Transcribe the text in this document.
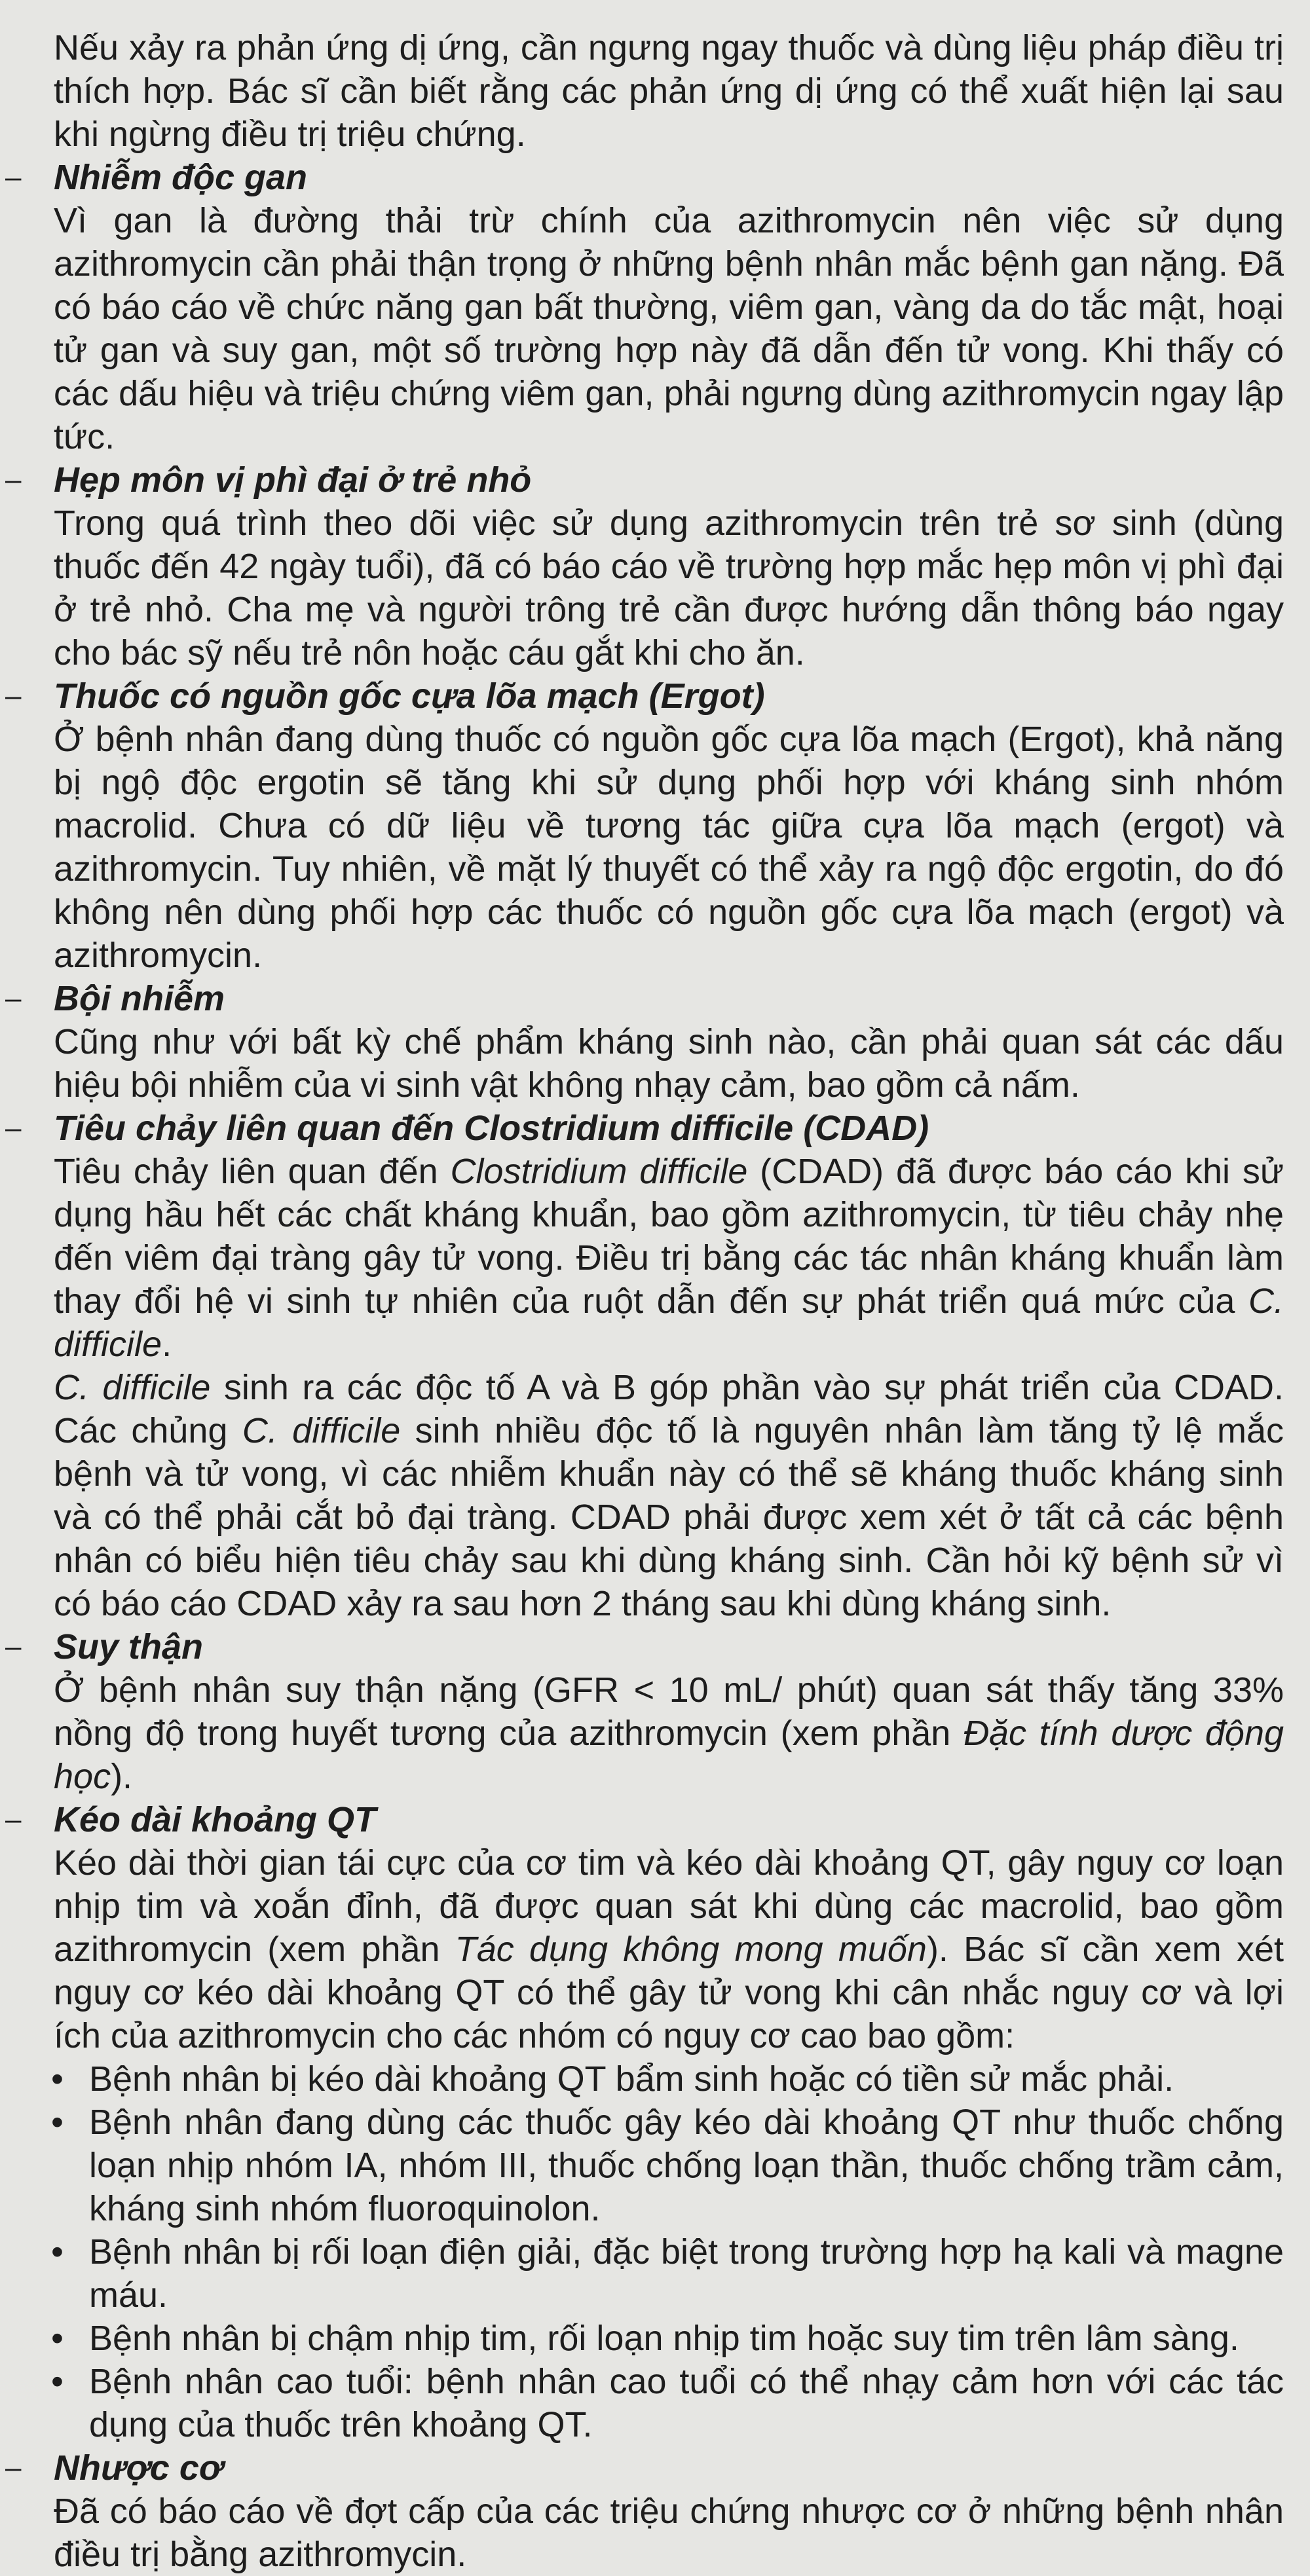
Nếu xảy ra phản ứng dị ứng, cần ngưng ngay thuốc và dùng liệu pháp điều trị thích hợp. Bác sĩ cần biết rằng các phản ứng dị ứng có thể xuất hiện lại sau khi ngừng điều trị triệu chứng.

– Nhiễm độc gan

Vì gan là đường thải trừ chính của azithromycin nên việc sử dụng azithromycin cần phải thận trọng ở những bệnh nhân mắc bệnh gan nặng. Đã có báo cáo về chức năng gan bất thường, viêm gan, vàng da do tắc mật, hoại tử gan và suy gan, một số trường hợp này đã dẫn đến tử vong. Khi thấy có các dấu hiệu và triệu chứng viêm gan, phải ngưng dùng azithromycin ngay lập tức.

– Hẹp môn vị phì đại ở trẻ nhỏ

Trong quá trình theo dõi việc sử dụng azithromycin trên trẻ sơ sinh (dùng thuốc đến 42 ngày tuổi), đã có báo cáo về trường hợp mắc hẹp môn vị phì đại ở trẻ nhỏ. Cha mẹ và người trông trẻ cần được hướng dẫn thông báo ngay cho bác sỹ nếu trẻ nôn hoặc cáu gắt khi cho ăn.

– Thuốc có nguồn gốc cựa lõa mạch (Ergot)

Ở bệnh nhân đang dùng thuốc có nguồn gốc cựa lõa mạch (Ergot), khả năng bị ngộ độc ergotin sẽ tăng khi sử dụng phối hợp với kháng sinh nhóm macrolid. Chưa có dữ liệu về tương tác giữa cựa lõa mạch (ergot) và azithromycin. Tuy nhiên, về mặt lý thuyết có thể xảy ra ngộ độc ergotin, do đó không nên dùng phối hợp các thuốc có nguồn gốc cựa lõa mạch (ergot) và azithromycin.

– Bội nhiễm

Cũng như với bất kỳ chế phẩm kháng sinh nào, cần phải quan sát các dấu hiệu bội nhiễm của vi sinh vật không nhạy cảm, bao gồm cả nấm.

– Tiêu chảy liên quan đến Clostridium difficile (CDAD)

Tiêu chảy liên quan đến Clostridium difficile (CDAD) đã được báo cáo khi sử dụng hầu hết các chất kháng khuẩn, bao gồm azithromycin, từ tiêu chảy nhẹ đến viêm đại tràng gây tử vong. Điều trị bằng các tác nhân kháng khuẩn làm thay đổi hệ vi sinh tự nhiên của ruột dẫn đến sự phát triển quá mức của C. difficile.

C. difficile sinh ra các độc tố A và B góp phần vào sự phát triển của CDAD. Các chủng C. difficile sinh nhiều độc tố là nguyên nhân làm tăng tỷ lệ mắc bệnh và tử vong, vì các nhiễm khuẩn này có thể sẽ kháng thuốc kháng sinh và có thể phải cắt bỏ đại tràng. CDAD phải được xem xét ở tất cả các bệnh nhân có biểu hiện tiêu chảy sau khi dùng kháng sinh. Cần hỏi kỹ bệnh sử vì có báo cáo CDAD xảy ra sau hơn 2 tháng sau khi dùng kháng sinh.

– Suy thận

Ở bệnh nhân suy thận nặng (GFR < 10 mL/ phút) quan sát thấy tăng 33% nồng độ trong huyết tương của azithromycin (xem phần Đặc tính dược động học).

– Kéo dài khoảng QT

Kéo dài thời gian tái cực của cơ tim và kéo dài khoảng QT, gây nguy cơ loạn nhịp tim và xoắn đỉnh, đã được quan sát khi dùng các macrolid, bao gồm azithromycin (xem phần Tác dụng không mong muốn). Bác sĩ cần xem xét nguy cơ kéo dài khoảng QT có thể gây tử vong khi cân nhắc nguy cơ và lợi ích của azithromycin cho các nhóm có nguy cơ cao bao gồm:

• Bệnh nhân bị kéo dài khoảng QT bẩm sinh hoặc có tiền sử mắc phải.
• Bệnh nhân đang dùng các thuốc gây kéo dài khoảng QT như thuốc chống loạn nhịp nhóm IA, nhóm III, thuốc chống loạn thần, thuốc chống trầm cảm, kháng sinh nhóm fluoroquinolon.
• Bệnh nhân bị rối loạn điện giải, đặc biệt trong trường hợp hạ kali và magne máu.
• Bệnh nhân bị chậm nhịp tim, rối loạn nhịp tim hoặc suy tim trên lâm sàng.
• Bệnh nhân cao tuổi: bệnh nhân cao tuổi có thể nhạy cảm hơn với các tác dụng của thuốc trên khoảng QT.

– Nhược cơ

Đã có báo cáo về đợt cấp của các triệu chứng nhược cơ ở những bệnh nhân điều trị bằng azithromycin.
